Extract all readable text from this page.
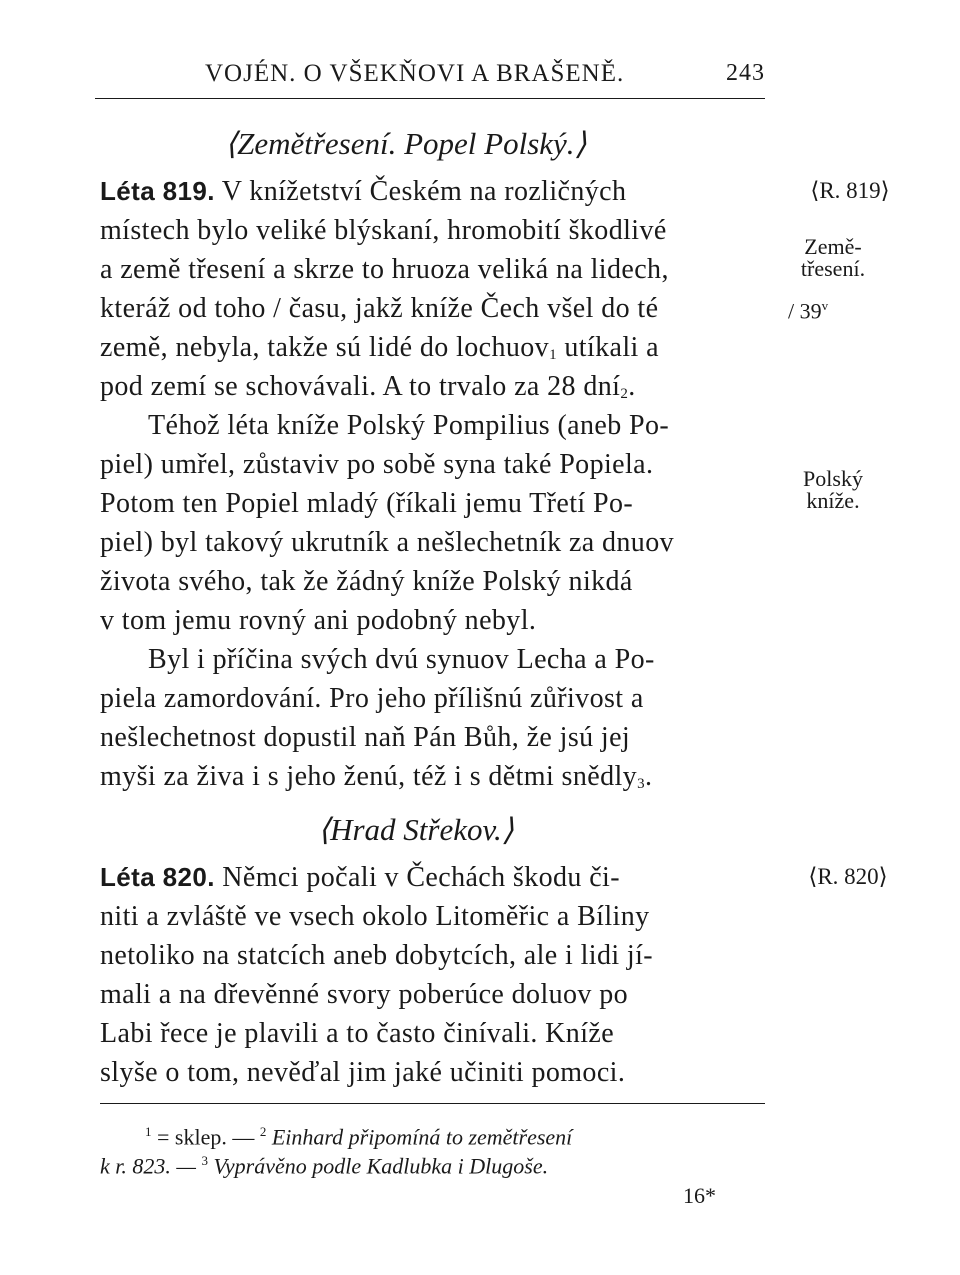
VOJÉN. O VŠEKŇOVI A BRAŠENĚ.	243
⟨Zemětřesení. Popel Polský.⟩
Léta 819. V knížetství Českém na rozličných
místech bylo veliké blýskaní, hromobití škodlivé
a země třesení a skrze to hruoza veliká na lidech,
kteráž od toho / času, jakž kníže Čech všel do té
země, nebyla, takže sú lidé do lochuov$_1$ utíkali a
pod zemí se schovávali. A to trvalo za 28 dní$_2$.
Téhož léta kníže Polský Pompilius (aneb Po-
piel) umřel, zůstaviv po sobě syna také Popiela.
Potom ten Popiel mladý (říkali jemu Třetí Po-
piel) byl takový ukrutník a nešlechetník za dnuov
života svého, tak že žádný kníže Polský nikdá
v tom jemu rovný ani podobný nebyl.
Byl i příčina svých dvú synuov Lecha a Po-
piela zamordování. Pro jeho přílišnú zůřivost a
nešlechetnost dopustil naň Pán Bůh, že jsú jej
myši za živa i s jeho ženú, též i s dětmi snědly$_3$.
⟨Hrad Střekov.⟩
Léta 820. Němci počali v Čechách škodu či-
niti a zvláště ve vsech okolo Litoměřic a Bíliny
netoliko na statcích aneb dobytcích, ale i lidi jí-
mali a na dřevěnné svory poberúce doluov po
Labi řece je plavili a to často činívali. Kníže
slyše o tom, nevěďal jim jaké učiniti pomoci.
⟨R. 819⟩
Země-
třesení.
/ 39$^v$
Polský
kníže.
⟨R. 820⟩
$^1$ = sklep. — $^2$ Einhard připomíná to zemětřesení
k r. 823. — $^3$ Vyprávěno podle Kadlubka i Dlugoše.
16*
